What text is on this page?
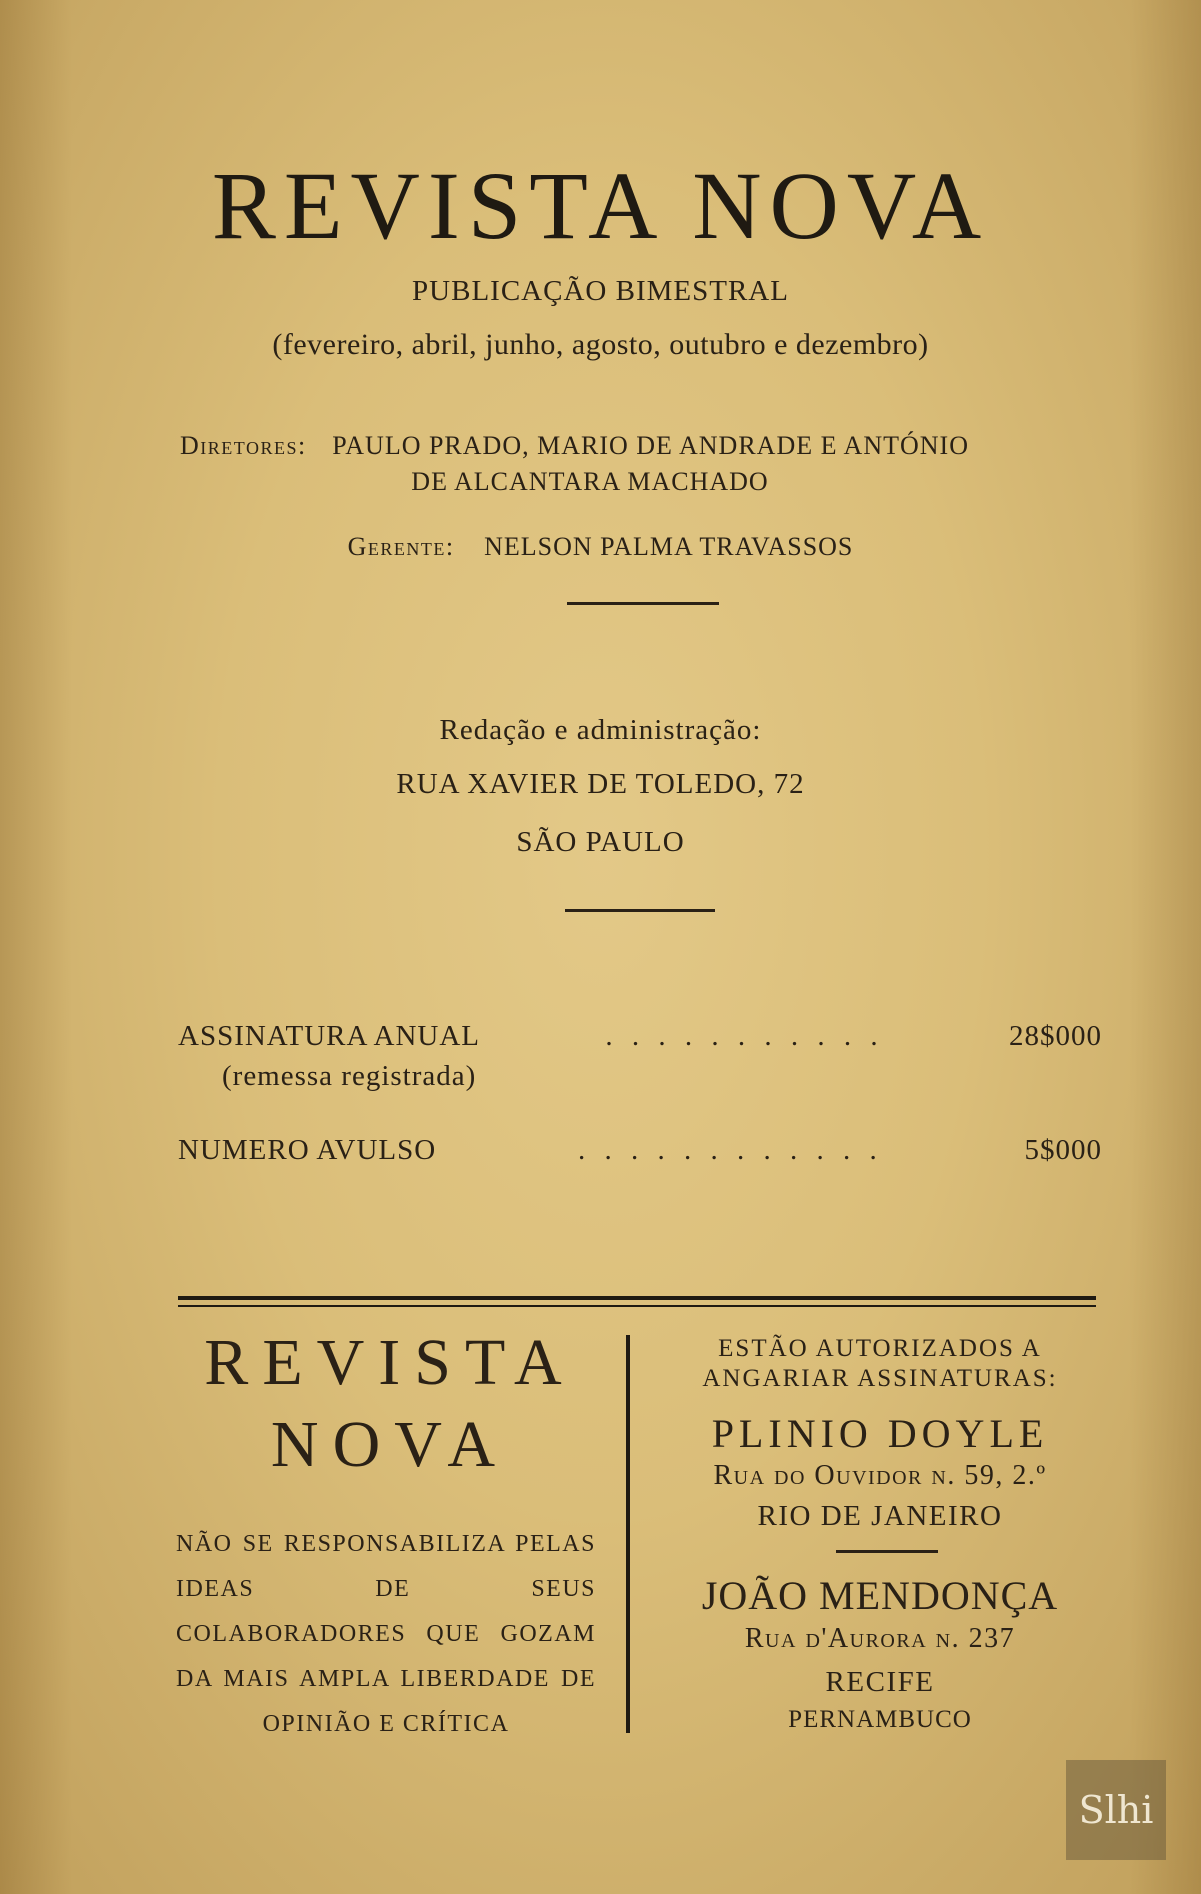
REVISTA NOVA
PUBLICAÇÃO BIMESTRAL
(fevereiro, abril, junho, agosto, outubro e dezembro)
Diretores: PAULO PRADO, MARIO DE ANDRADE E ANTÓNIO
DE ALCANTARA MACHADO
Gerente: NELSON PALMA TRAVASSOS
Redação e administração:
RUA XAVIER DE TOLEDO, 72
SÃO PAULO
ASSINATURA ANUAL	. . . . . . . . . . .	28$000
(remessa registrada)
NUMERO AVULSO	. . . . . . . . . . . .	5$000
REVISTA
NOVA
NÃO SE RESPONSABILIZA PELAS IDEAS DE SEUS COLABORADORES QUE GOZAM DA MAIS AMPLA LIBERDADE DE OPINIÃO E CRÍTICA
ESTÃO AUTORIZADOS A
ANGARIAR ASSINATURAS:
PLINIO DOYLE
Rua do Ouvidor n. 59, 2.º
RIO DE JANEIRO
JOÃO MENDONÇA
Rua d'Aurora n. 237
RECIFE
PERNAMBUCO
Slhi
